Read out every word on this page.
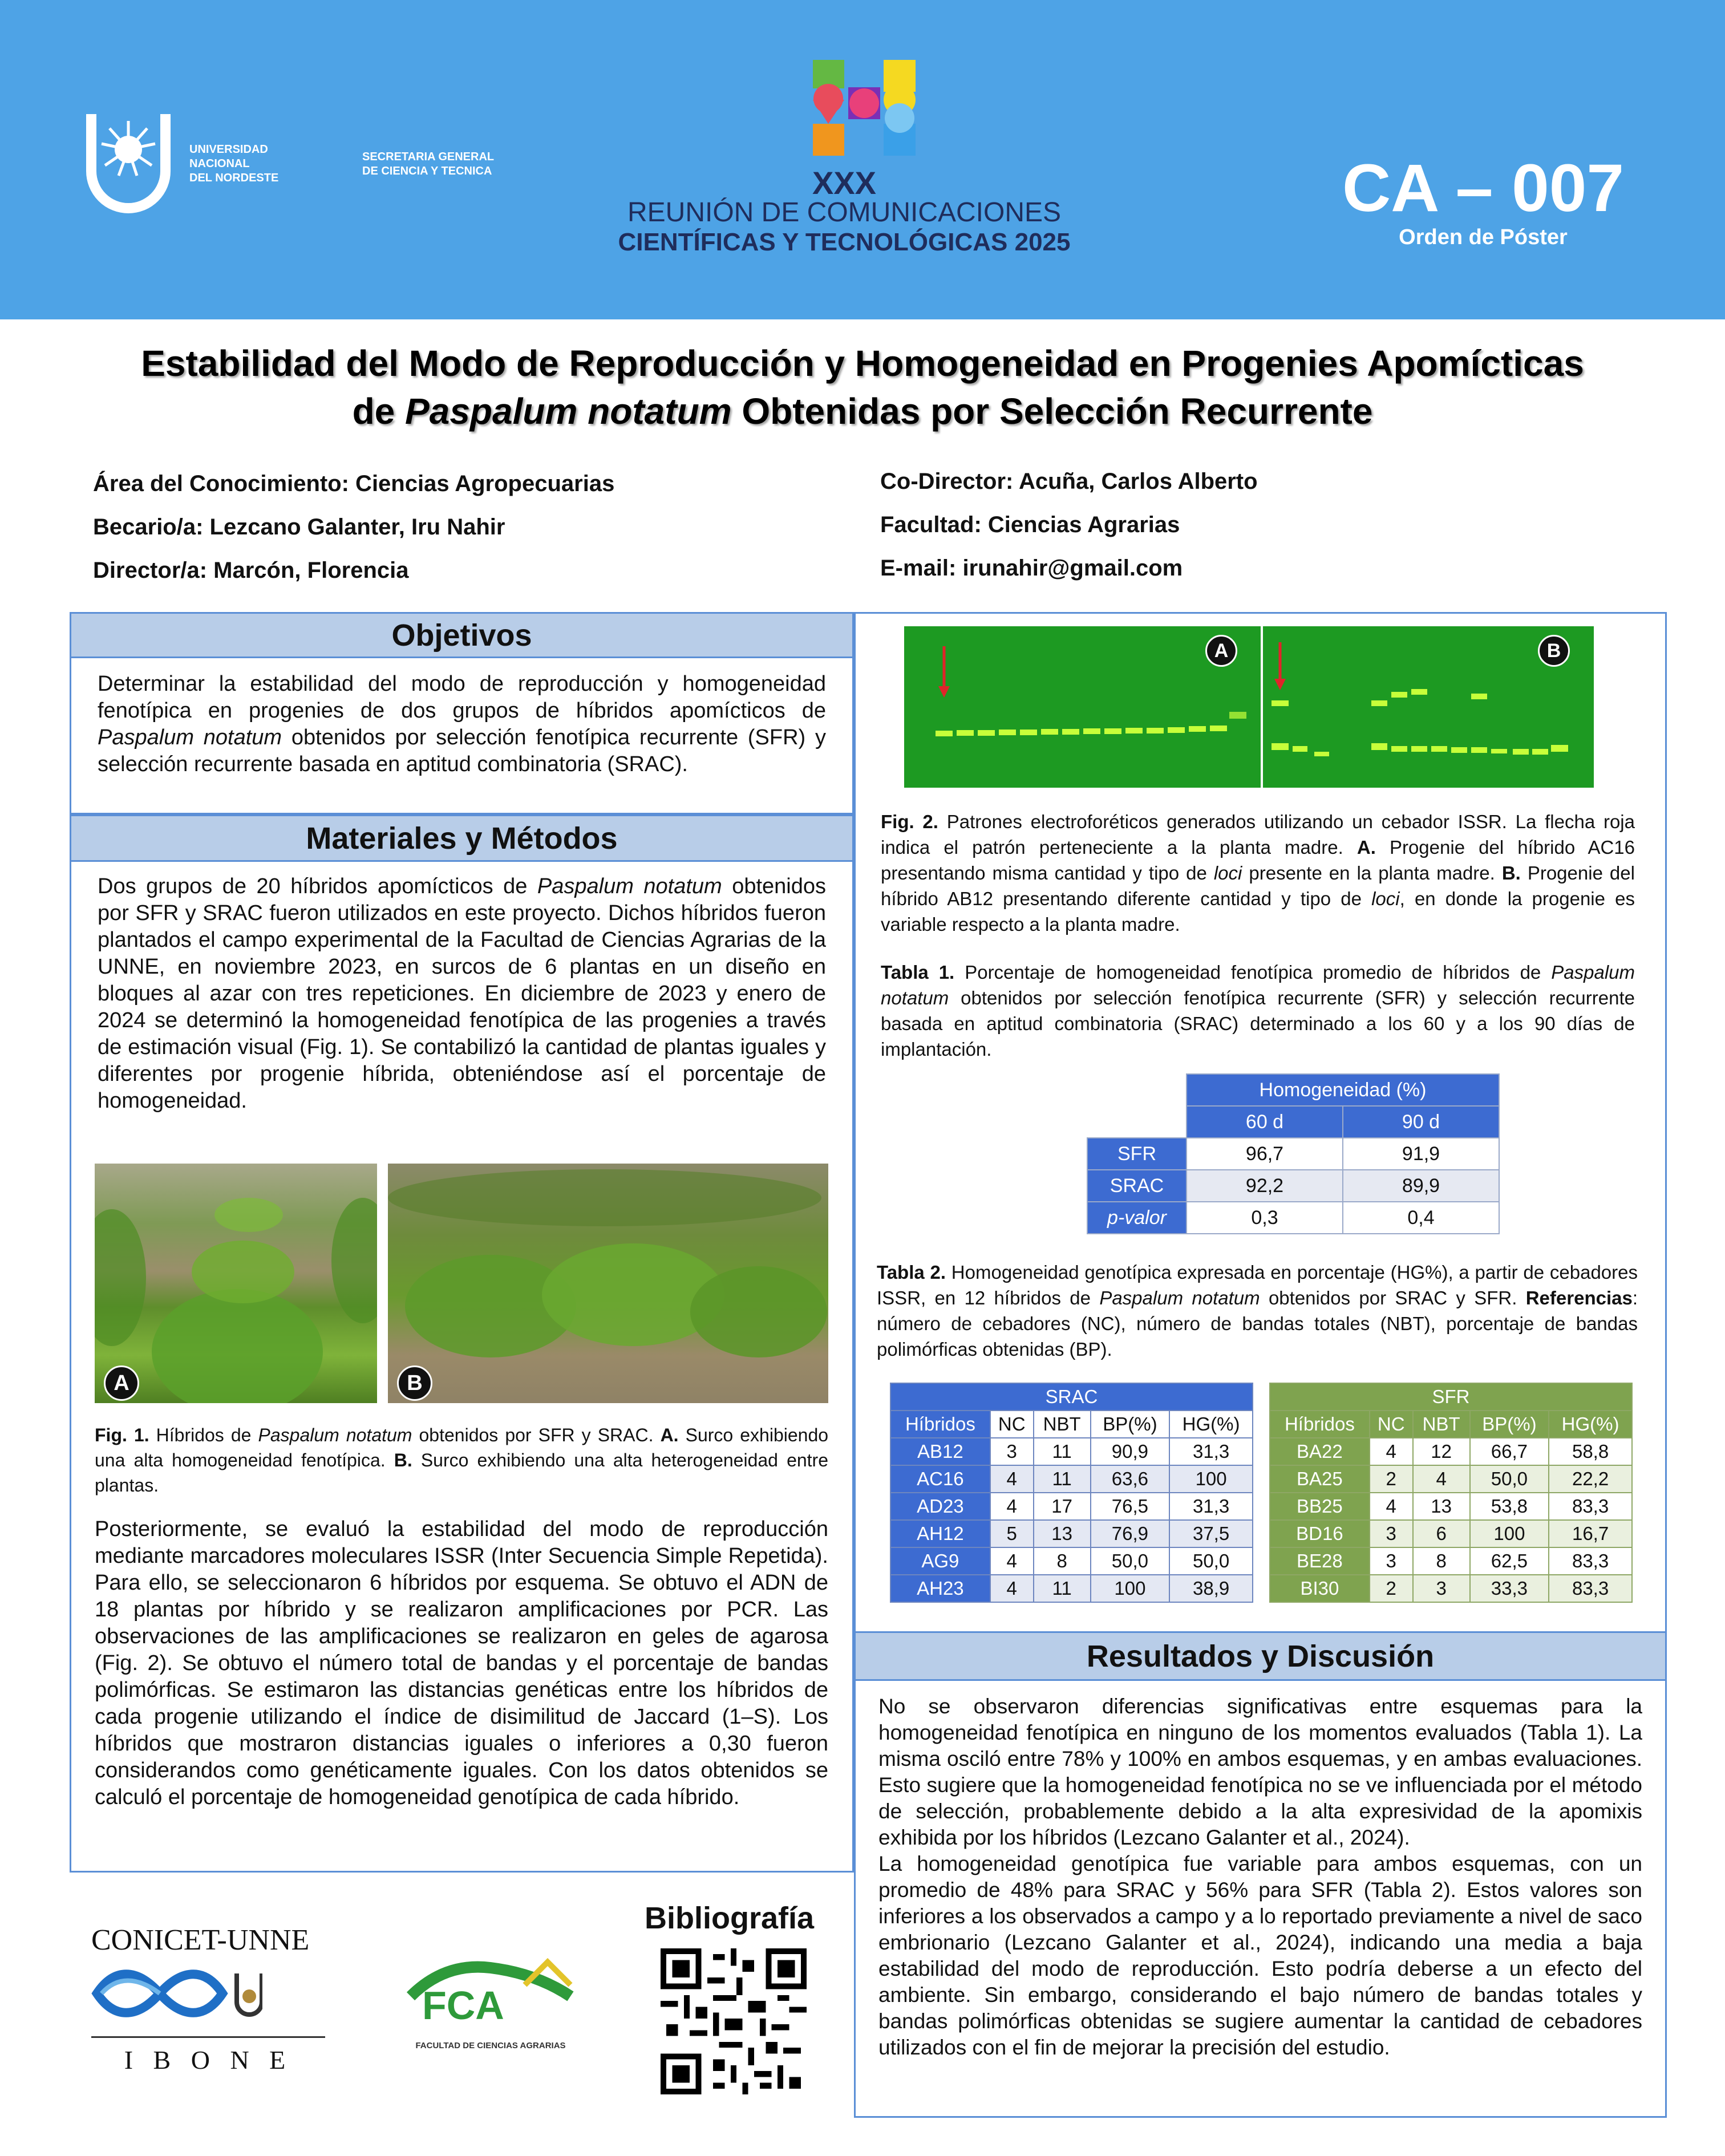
UNIVERSIDAD
NACIONAL
DEL NORDESTE
SECRETARIA GENERAL
DE CIENCIA Y TECNICA	XXX
REUNIÓN DE COMUNICACIONES
CIENTÍFICAS Y TECNOLÓGICAS 2025
CA – 007
Orden de Póster
Estabilidad del Modo de Reproducción y Homogeneidad en Progenies Apomícticas
de Paspalum notatum Obtenidas por Selección Recurrente
Área del Conocimiento: Ciencias Agropecuarias
Becario/a: Lezcano Galanter, Iru Nahir
Director/a: Marcón, Florencia
Co-Director: Acuña, Carlos Alberto
Facultad: Ciencias Agrarias
E-mail: irunahir@gmail.com
Objetivos
Determinar la estabilidad del modo de reproducción y homogeneidad fenotípica en progenies de dos grupos de híbridos apomícticos de Paspalum notatum obtenidos por selección fenotípica recurrente (SFR) y selección recurrente basada en aptitud combinatoria (SRAC).
Materiales y Métodos
Dos grupos de 20 híbridos apomícticos de Paspalum notatum obtenidos por SFR y SRAC fueron utilizados en este proyecto. Dichos híbridos fueron plantados el campo experimental de la Facultad de Ciencias Agrarias de la UNNE, en noviembre 2023, en surcos de 6 plantas en un diseño en bloques al azar con tres repeticiones. En diciembre de 2023 y enero de 2024 se determinó la homogeneidad fenotípica de las progenies a través de estimación visual (Fig. 1). Se contabilizó la cantidad de plantas iguales y diferentes por progenie híbrida, obteniéndose así el porcentaje de homogeneidad.
A	B
Fig. 1. Híbridos de Paspalum notatum obtenidos por SFR y SRAC. A. Surco exhibiendo una alta homogeneidad fenotípica. B. Surco exhibiendo una alta heterogeneidad entre plantas.
Posteriormente, se evaluó la estabilidad del modo de reproducción mediante marcadores moleculares ISSR (Inter Secuencia Simple Repetida). Para ello, se seleccionaron 6 híbridos por esquema. Se obtuvo el ADN de 18 plantas por híbrido y se realizaron amplificaciones por PCR. Las observaciones de las amplificaciones se realizaron en geles de agarosa (Fig. 2). Se obtuvo el número total de bandas y el porcentaje de bandas polimórficas. Se estimaron las distancias genéticas entre los híbridos de cada progenie utilizando el índice de disimilitud de Jaccard (1–S). Los híbridos que mostraron distancias iguales o inferiores a 0,30 fueron considerandos como genéticamente iguales. Con los datos obtenidos se calculó el porcentaje de homogeneidad genotípica de cada híbrido.
A	B
Fig. 2. Patrones electroforéticos generados utilizando un cebador ISSR. La flecha roja indica el patrón perteneciente a la planta madre. A. Progenie del híbrido AC16 presentando misma cantidad y tipo de loci presente en la planta madre. B. Progenie del híbrido AB12 presentando diferente cantidad y tipo de loci, en donde la progenie es variable respecto a la planta madre.
Tabla 1. Porcentaje de homogeneidad fenotípica promedio de híbridos de Paspalum notatum obtenidos por selección fenotípica recurrente (SFR) y selección recurrente basada en aptitud combinatoria (SRAC) determinado a los 60 y a los 90 días de implantación.
	Homogeneidad (%)	
	60 d	90 d
SFR	96,7	91,9
SRAC	92,2	89,9
p-valor	0,3	0,4
Tabla 2. Homogeneidad genotípica expresada en porcentaje (HG%), a partir de cebadores ISSR, en 12 híbridos de Paspalum notatum obtenidos por SRAC y SFR. Referencias: número de cebadores (NC), número de bandas totales (NBT), porcentaje de bandas polimórficas obtenidas (BP).
SRAC				
Híbridos	NC	NBT	BP(%)	HG(%)
AB12	3	11	90,9	31,3
AC16	4	11	63,6	100
AD23	4	17	76,5	31,3
AH12	5	13	76,9	37,5
AG9	4	8	50,0	50,0
AH23	4	11	100	38,9
SFR				
Híbridos	NC	NBT	BP(%)	HG(%)
BA22	4	12	66,7	58,8
BA25	2	4	50,0	22,2
BB25	4	13	53,8	83,3
BD16	3	6	100	16,7
BE28	3	8	62,5	83,3
BI30	2	3	33,3	83,3
Resultados y Discusión

No se observaron diferencias significativas entre esquemas para la homogeneidad fenotípica en ninguno de los momentos evaluados (Tabla 1). La misma osciló entre 78% y 100% en ambos esquemas, y en ambas evaluaciones. Esto sugiere que la homogeneidad fenotípica no se ve influenciada por el método de selección, probablemente debido a la alta expresividad de la apomixis exhibida por los híbridos (Lezcano Galanter et al., 2024).

La homogeneidad genotípica fue variable para ambos esquemas, con un promedio de 48% para SRAC y 56% para SFR (Tabla 2). Estos valores son inferiores a los observados a campo y a lo reportado previamente a nivel de saco embrionario (Lezcano Galanter et al., 2024), indicando una media a baja estabilidad del modo de reproducción. Esto podría deberse a un efecto del ambiente. Sin embargo, considerando el bajo número de bandas totales y bandas polimórficas obtenidas se sugiere aumentar la cantidad de cebadores utilizados con el fin de mejorar la precisión del estudio.

CONICET-UNNE
I B O N E
FCA
FACULTAD DE CIENCIAS AGRARIAS
Bibliografía
